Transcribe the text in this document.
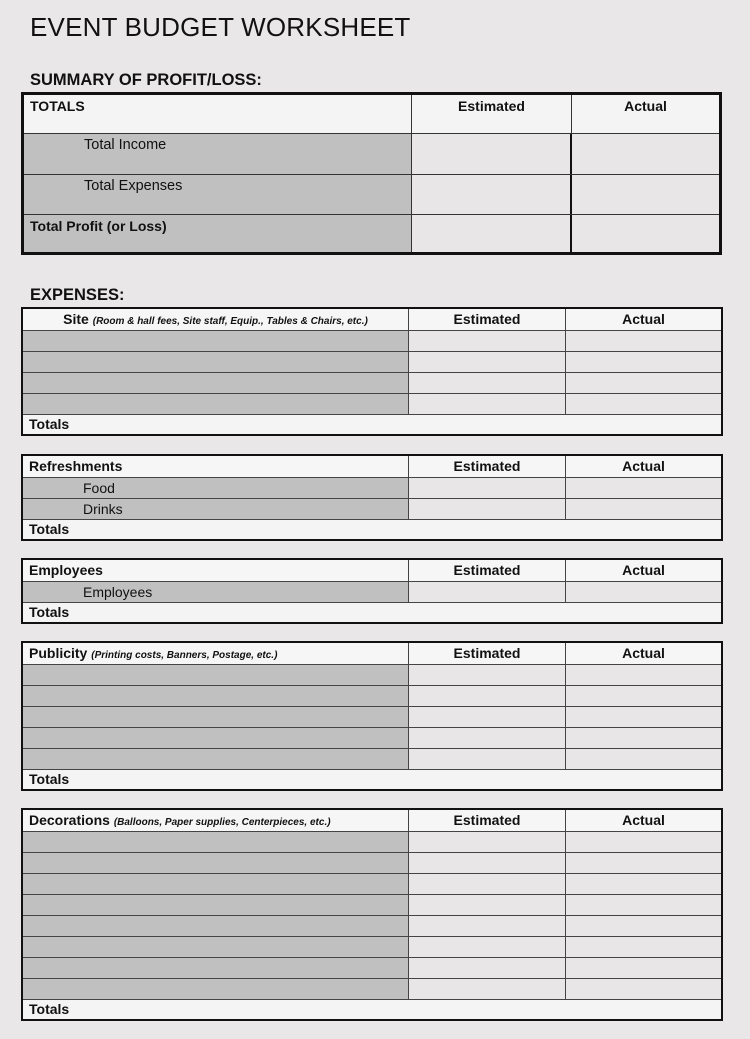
EVENT BUDGET WORKSHEET
SUMMARY OF PROFIT/LOSS:
TOTALS	Estimated	Actual
Total Income
Total Expenses
Total Profit (or Loss)
EXPENSES:
Site (Room & hall fees, Site staff, Equip., Tables & Chairs, etc.)	Estimated	Actual
Totals
Refreshments	Estimated	Actual
Food
Drinks
Totals
Employees	Estimated	Actual
Employees
Totals
Publicity (Printing costs, Banners, Postage, etc.)	Estimated	Actual
Totals
Decorations (Balloons, Paper supplies, Centerpieces, etc.)	Estimated	Actual
Totals
